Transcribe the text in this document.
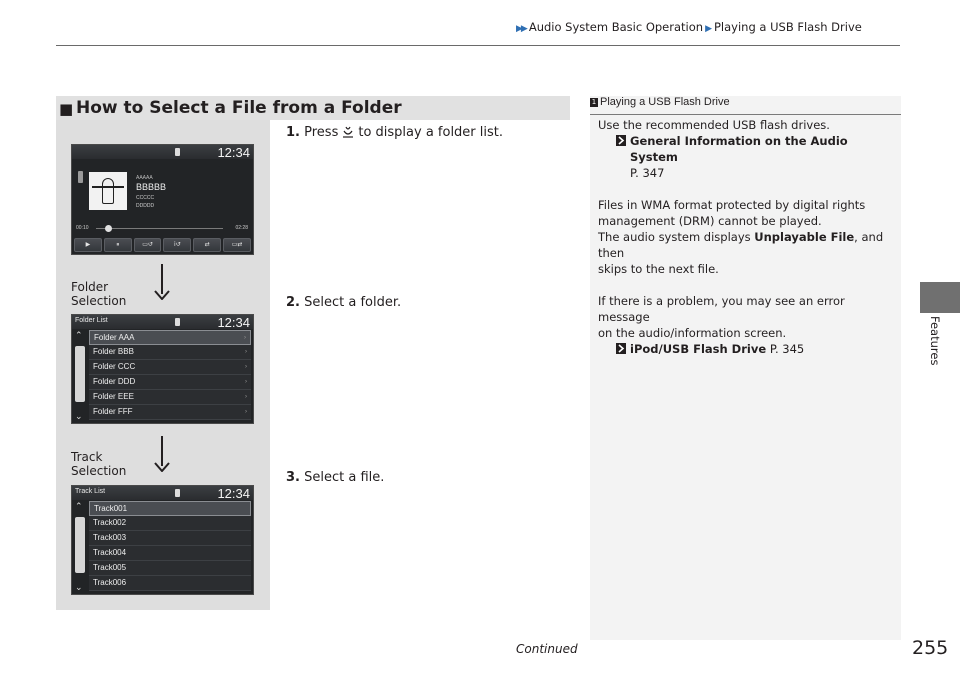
▶▶ Audio System Basic Operation ▶ Playing a USB Flash Drive
Features
■ How to Select a File from a Folder
12:34
AAAAA
BBBBB
CCCCC
DDDDD
00:10	02:28
▶	⏸	▭↺	i↺	⇄	▭⇄
Folder Selection
Folder List	12:34
⌃
⌄
Folder AAA	›
Folder BBB	›
Folder CCC	›
Folder DDD	›
Folder EEE	›
Folder FFF	›
Track Selection
Track List	12:34
⌃
⌄
Track001
Track002
Track003
Track004
Track005
Track006
1. Press to display a folder list.
2. Select a folder.
3. Select a file.
1 Playing a USB Flash Drive

Use the recommended USB flash drives.

General Information on the Audio System
P. 347

Files in WMA format protected by digital rights

management (DRM) cannot be played.

The audio system displays Unplayable File, and then

skips to the next file.

If there is a problem, you may see an error message

on the audio/information screen.

iPod/USB Flash Drive P. 345
Continued	255
